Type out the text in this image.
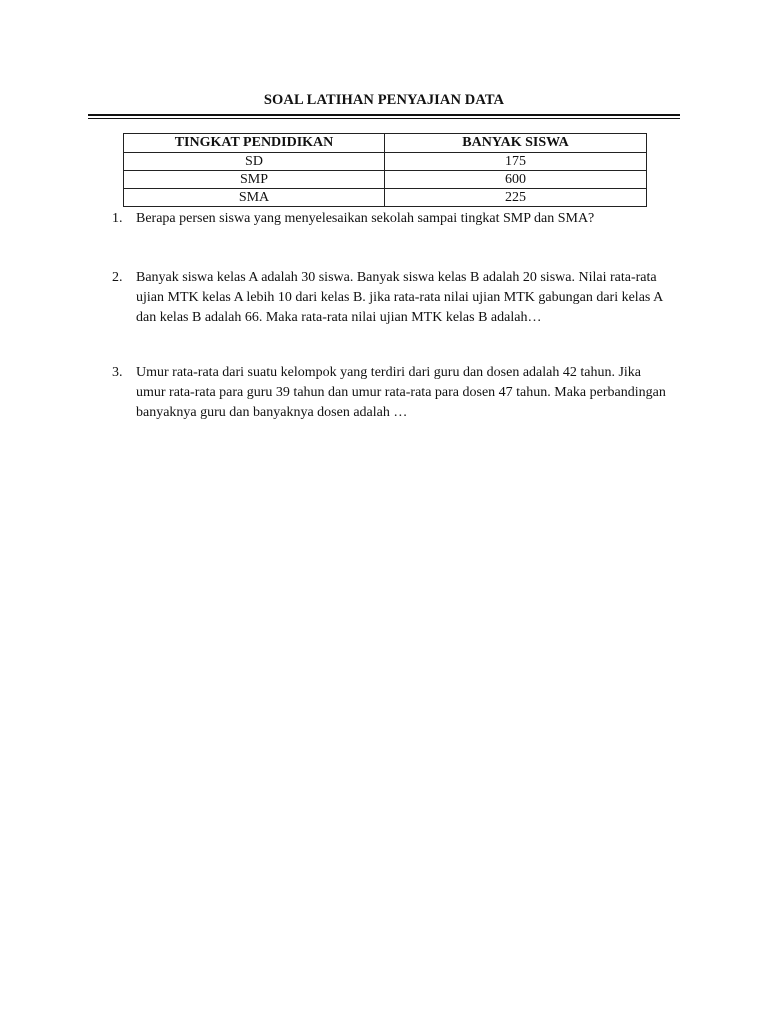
SOAL LATIHAN PENYAJIAN DATA
TINGKAT PENDIDIKAN	BANYAK SISWA
SD	175
SMP	600
SMA	225
1. Berapa persen siswa yang menyelesaikan sekolah sampai tingkat SMP dan SMA?
2. Banyak siswa kelas A adalah 30 siswa. Banyak siswa kelas B adalah 20 siswa. Nilai rata-rata ujian MTK kelas A lebih 10 dari kelas B. jika rata-rata nilai ujian MTK gabungan dari kelas A dan kelas B adalah 66. Maka rata-rata nilai ujian MTK kelas B adalah…
3. Umur rata-rata dari suatu kelompok yang terdiri dari guru dan dosen adalah 42 tahun. Jika umur rata-rata para guru 39 tahun dan umur rata-rata para dosen 47 tahun. Maka perbandingan banyaknya guru dan banyaknya dosen adalah …
